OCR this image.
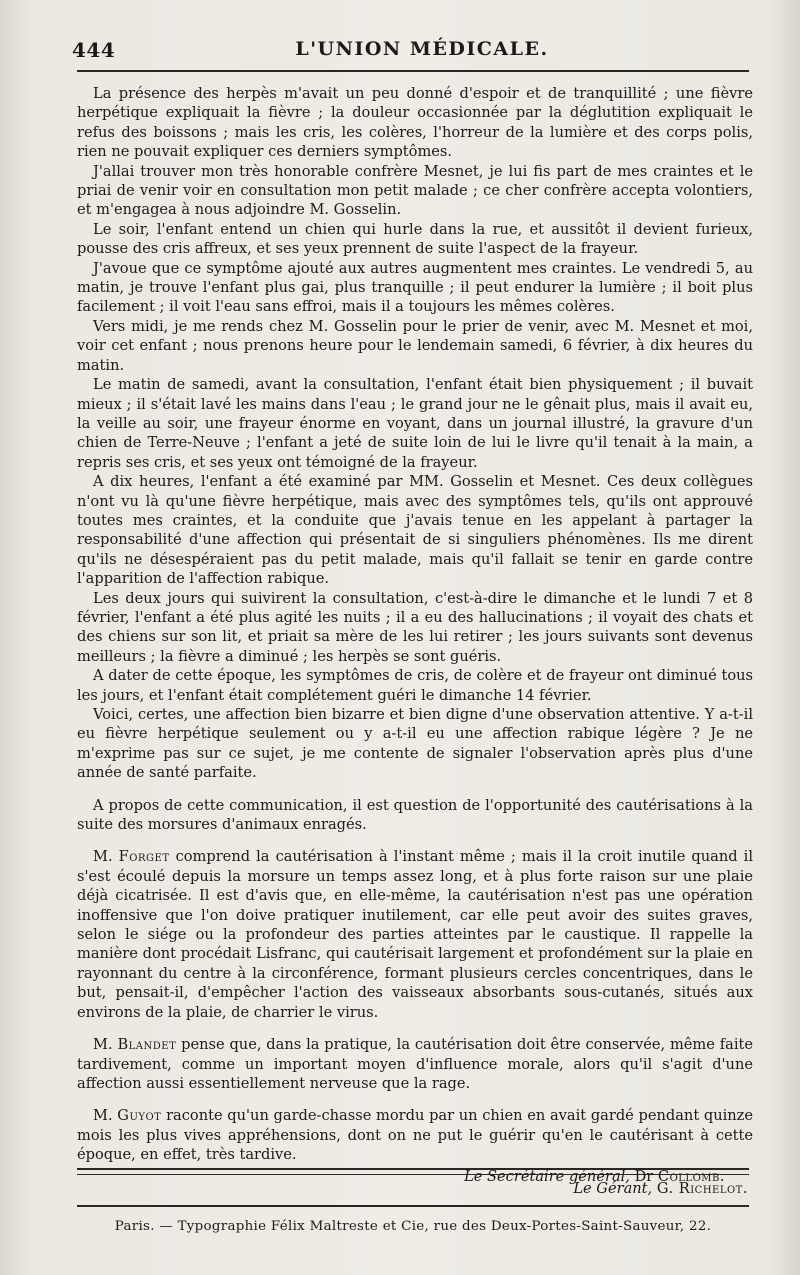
444	L'UNION MÉDICALE.

La présence des herpès m'avait un peu donné d'espoir et de tranquillité ; une fièvre herpétique expliquait la fièvre ; la douleur occasionnée par la déglutition expliquait le refus des boissons ; mais les cris, les colères, l'horreur de la lumière et des corps polis, rien ne pouvait expliquer ces derniers symptômes.

J'allai trouver mon très honorable confrère Mesnet, je lui fis part de mes craintes et le priai de venir voir en consultation mon petit malade ; ce cher confrère accepta volontiers, et m'engagea à nous adjoindre M. Gosselin.

Le soir, l'enfant entend un chien qui hurle dans la rue, et aussitôt il devient furieux, pousse des cris affreux, et ses yeux prennent de suite l'aspect de la frayeur.

J'avoue que ce symptôme ajouté aux autres augmentent mes craintes. Le vendredi 5, au matin, je trouve l'enfant plus gai, plus tranquille ; il peut endurer la lumière ; il boit plus facilement ; il voit l'eau sans effroi, mais il a toujours les mêmes colères.

Vers midi, je me rends chez M. Gosselin pour le prier de venir, avec M. Mesnet et moi, voir cet enfant ; nous prenons heure pour le lendemain samedi, 6 février, à dix heures du matin.

Le matin de samedi, avant la consultation, l'enfant était bien physiquement ; il buvait mieux ; il s'était lavé les mains dans l'eau ; le grand jour ne le gênait plus, mais il avait eu, la veille au soir, une frayeur énorme en voyant, dans un journal illustré, la gravure d'un chien de Terre-Neuve ; l'enfant a jeté de suite loin de lui le livre qu'il tenait à la main, a repris ses cris, et ses yeux ont témoigné de la frayeur.

A dix heures, l'enfant a été examiné par MM. Gosselin et Mesnet. Ces deux collègues n'ont vu là qu'une fièvre herpétique, mais avec des symptômes tels, qu'ils ont approuvé toutes mes craintes, et la conduite que j'avais tenue en les appelant à partager la responsabilité d'une affection qui présentait de si singuliers phénomènes. Ils me dirent qu'ils ne désespéraient pas du petit malade, mais qu'il fallait se tenir en garde contre l'apparition de l'affection rabique.

Les deux jours qui suivirent la consultation, c'est-à-dire le dimanche et le lundi 7 et 8 février, l'enfant a été plus agité les nuits ; il a eu des hallucinations ; il voyait des chats et des chiens sur son lit, et priait sa mère de les lui retirer ; les jours suivants sont devenus meilleurs ; la fièvre a diminué ; les herpès se sont guéris.

A dater de cette époque, les symptômes de cris, de colère et de frayeur ont diminué tous les jours, et l'enfant était complétement guéri le dimanche 14 février.

Voici, certes, une affection bien bizarre et bien digne d'une observation attentive. Y a-t-il eu fièvre herpétique seulement ou y a-t-il eu une affection rabique légère ? Je ne m'exprime pas sur ce sujet, je me contente de signaler l'observation après plus d'une année de santé parfaite.

A propos de cette communication, il est question de l'opportunité des cautérisations à la suite des morsures d'animaux enragés.

M. Forget comprend la cautérisation à l'instant même ; mais il la croit inutile quand il s'est écoulé depuis la morsure un temps assez long, et à plus forte raison sur une plaie déjà cicatrisée. Il est d'avis que, en elle-même, la cautérisation n'est pas une opération inoffensive que l'on doive pratiquer inutilement, car elle peut avoir des suites graves, selon le siége ou la profondeur des parties atteintes par le caustique. Il rappelle la manière dont procédait Lisfranc, qui cautérisait largement et profondément sur la plaie en rayonnant du centre à la circonférence, formant plusieurs cercles concentriques, dans le but, pensait-il, d'empêcher l'action des vaisseaux absorbants sous-cutanés, situés aux environs de la plaie, de charrier le virus.

M. Blandet pense que, dans la pratique, la cautérisation doit être conservée, même faite tardivement, comme un important moyen d'influence morale, alors qu'il s'agit d'une affection aussi essentiellement nerveuse que la rage.

M. Guyot raconte qu'un garde-chasse mordu par un chien en avait gardé pendant quinze mois les plus vives appréhensions, dont on ne put le guérir qu'en le cautérisant à cette époque, en effet, très tardive.

Le Secrétaire général, Dr Collomb.
Le Gérant, G. Richelot.
Paris. — Typographie Félix Maltreste et Cie, rue des Deux-Portes-Saint-Sauveur, 22.
